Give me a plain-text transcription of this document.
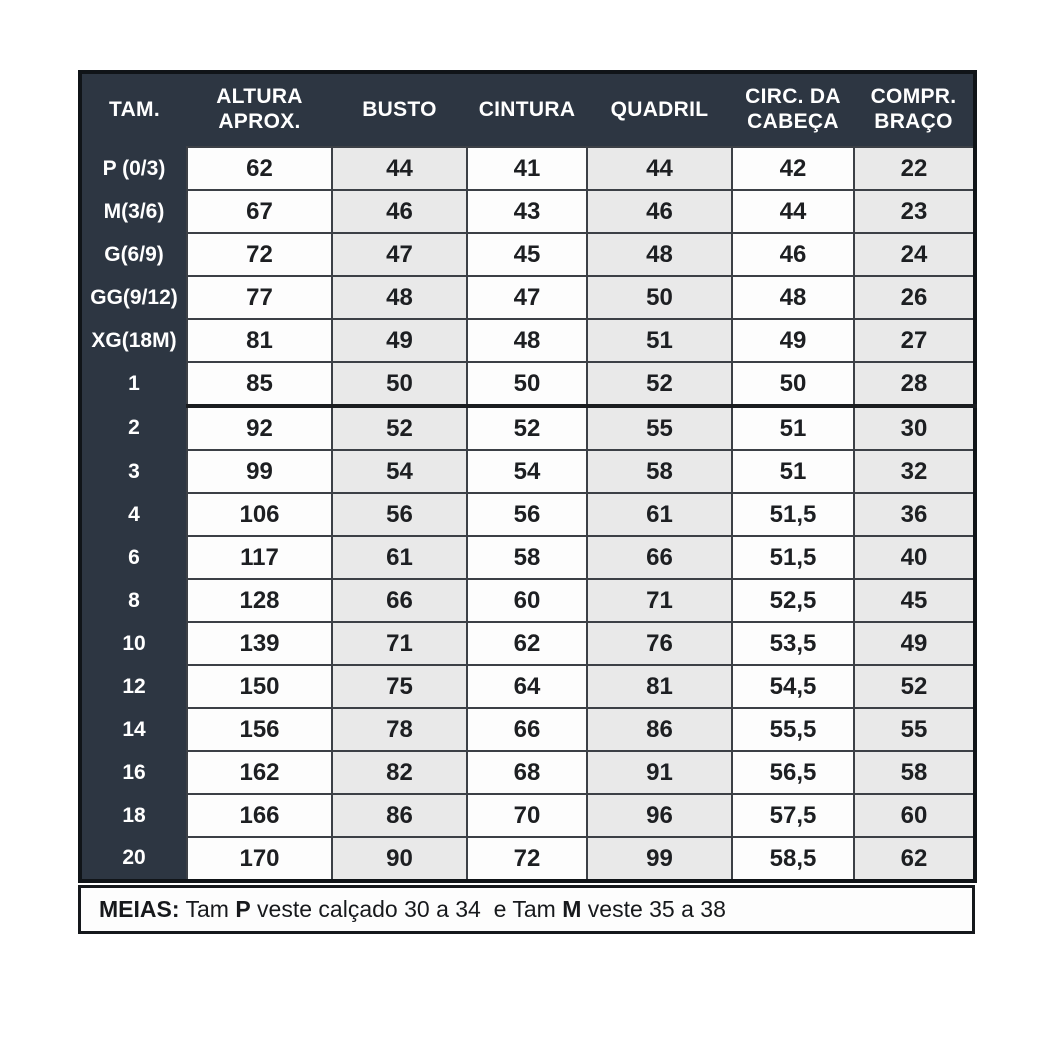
TAM.	ALTURA APROX.	BUSTO	CINTURA	QUADRIL	CIRC. DA CABEÇA	COMPR. BRAÇO
P (0/3)	62	44	41	44	42	22
M(3/6)	67	46	43	46	44	23
G(6/9)	72	47	45	48	46	24
GG(9/12)	77	48	47	50	48	26
XG(18M)	81	49	48	51	49	27
1	85	50	50	52	50	28
2	92	52	52	55	51	30
3	99	54	54	58	51	32
4	106	56	56	61	51,5	36
6	117	61	58	66	51,5	40
8	128	66	60	71	52,5	45
10	139	71	62	76	53,5	49
12	150	75	64	81	54,5	52
14	156	78	66	86	55,5	55
16	162	82	68	91	56,5	58
18	166	86	70	96	57,5	60
20	170	90	72	99	58,5	62
MEIAS: Tam P veste calçado 30 a 34  e Tam M veste 35 a 38
